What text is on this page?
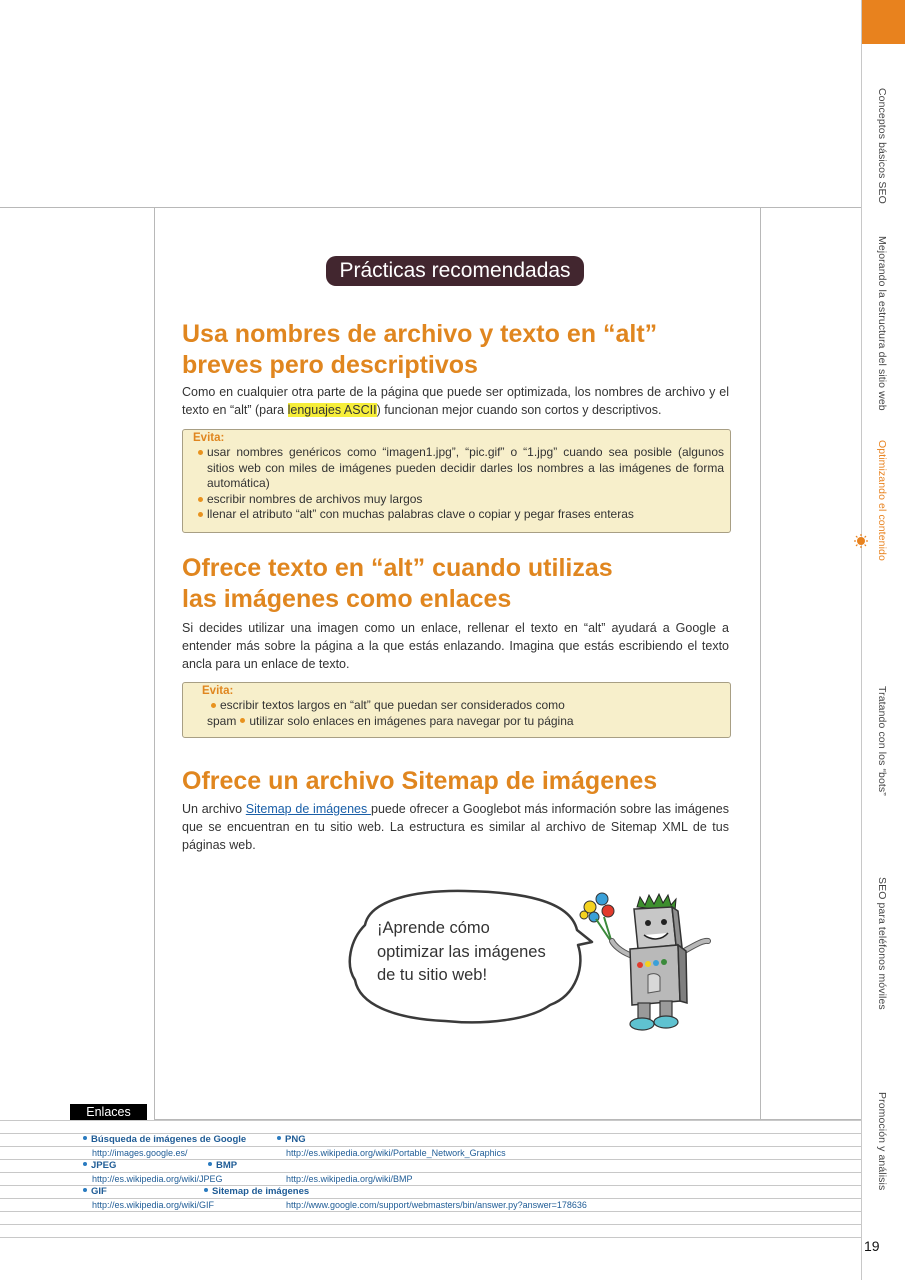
Conceptos básicos SEO
Mejorando la estructura del sitio web
Optimizando el contenido
Tratando con los “bots”
SEO para teléfonos móviles
Promoción y análisis
Prácticas recomendadas
Usa nombres de archivo y texto en “alt”
breves pero descriptivos

Como en cualquier otra parte de la página que puede ser optimizada, los nombres de archivo y el texto en “alt” (para lenguajes ASCII) funcionan mejor cuando son cortos y descriptivos.

Evita:
usar nombres genéricos como “imagen1.jpg”, “pic.gif” o “1.jpg” cuando sea posible (algunos sitios web con miles de imágenes pueden decidir darles los nombres a las imágenes de forma automática)
escribir nombres de archivos muy largos
llenar el atributo “alt” con muchas palabras clave o copiar y pegar frases enteras
Ofrece texto en “alt” cuando utilizas
las imágenes como enlaces

Si decides utilizar una imagen como un enlace, rellenar el texto en “alt” ayudará a Google a entender más sobre la página a la que estás enlazando. Imagina que estás escribiendo el texto ancla para un enlace de texto.

Evita:
escribir textos largos en “alt” que puedan ser considerados como
spam utilizar solo enlaces en imágenes para navegar por tu página
Ofrece un archivo Sitemap de imágenes

Un archivo Sitemap de imágenes puede ofrecer a Googlebot más información sobre las imágenes que se encuentran en tu sitio web. La estructura es similar al archivo de Sitemap XML de tus páginas web.

¡Aprende cómo
optimizar las imágenes
de tu sitio web!
Enlaces
Búsqueda de imágenes de Google
http://images.google.es/
PNG
http://es.wikipedia.org/wiki/Portable_Network_Graphics
JPEG
http://es.wikipedia.org/wiki/JPEG
BMP
http://es.wikipedia.org/wiki/BMP
GIF
http://es.wikipedia.org/wiki/GIF
Sitemap de imágenes
http://www.google.com/support/webmasters/bin/answer.py?answer=178636
19
